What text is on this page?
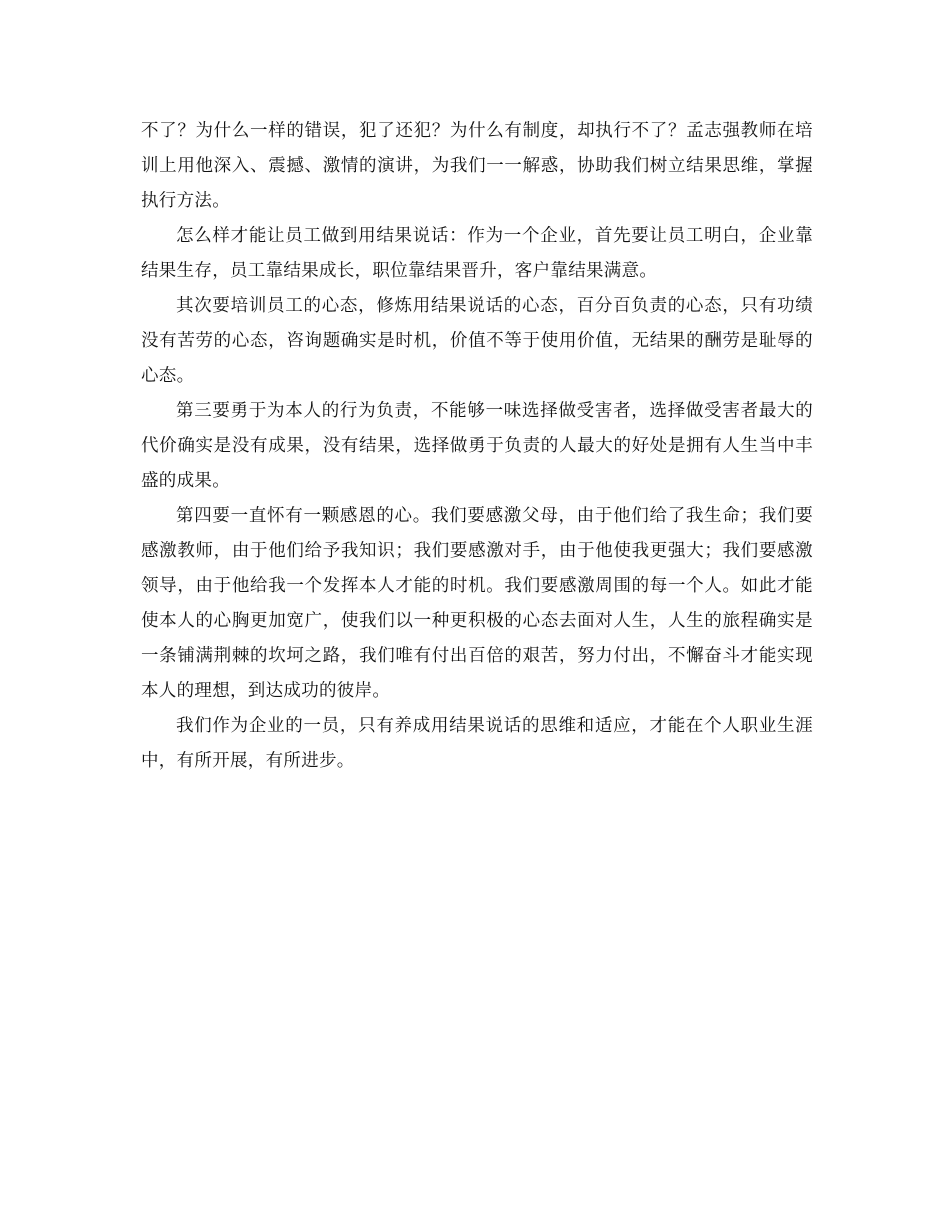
不了？为什么一样的错误，犯了还犯？为什么有制度，却执行不了？孟志强教师在培训上用他深入、震撼、激情的演讲，为我们一一解惑，协助我们树立结果思维，掌握执行方法。

怎么样才能让员工做到用结果说话：作为一个企业，首先要让员工明白，企业靠结果生存，员工靠结果成长，职位靠结果晋升，客户靠结果满意。

其次要培训员工的心态，修炼用结果说话的心态，百分百负责的心态，只有功绩没有苦劳的心态，咨询题确实是时机，价值不等于使用价值，无结果的酬劳是耻辱的心态。

第三要勇于为本人的行为负责，不能够一味选择做受害者，选择做受害者最大的代价确实是没有成果，没有结果，选择做勇于负责的人最大的好处是拥有人生当中丰盛的成果。

第四要一直怀有一颗感恩的心。我们要感激父母，由于他们给了我生命；我们要感激教师，由于他们给予我知识；我们要感激对手，由于他使我更强大；我们要感激领导，由于他给我一个发挥本人才能的时机。我们要感激周围的每一个人。如此才能使本人的心胸更加宽广，使我们以一种更积极的心态去面对人生，人生的旅程确实是一条铺满荆棘的坎坷之路，我们唯有付出百倍的艰苦，努力付出，不懈奋斗才能实现本人的理想，到达成功的彼岸。

我们作为企业的一员，只有养成用结果说话的思维和适应，才能在个人职业生涯中，有所开展，有所进步。
